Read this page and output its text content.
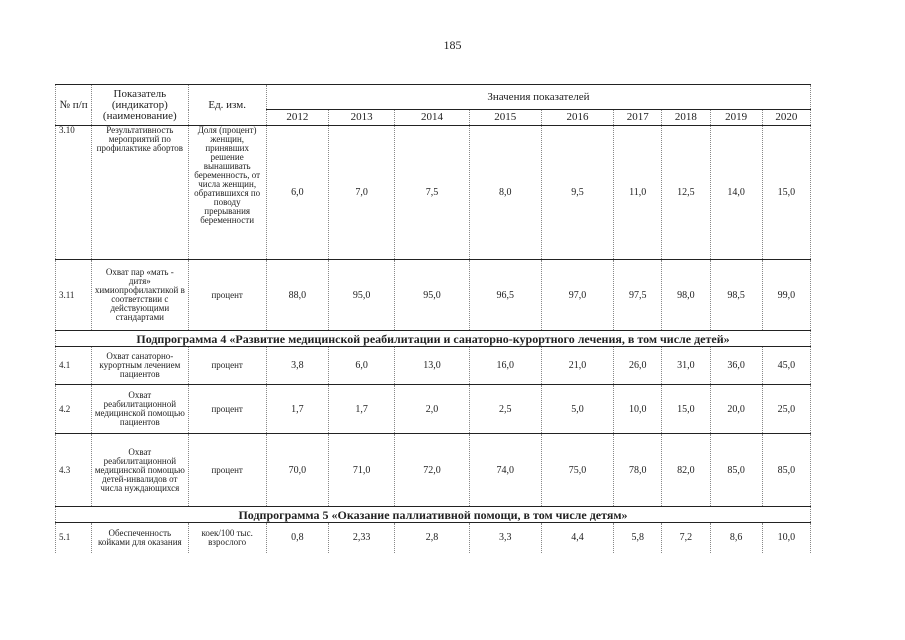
185
№ п/п	Показатель (индикатор) (наименование)	Ед. изм.	Значения показателей								
			2012	2013	2014	2015	2016	2017	2018	2019	2020
3.10	Результативность мероприятий по профилактике абортов	Доля (процент) женщин, принявших решение вынашивать беременность, от числа женщин, обратившихся по поводу прерывания беременности	6,0	7,0	7,5	8,0	9,5	11,0	12,5	14,0	15,0
3.11	Охват пар «мать - дитя» химиопрофилактикой в соответствии с действующими стандартами	процент	88,0	95,0	95,0	96,5	97,0	97,5	98,0	98,5	99,0
Подпрограмма 4 «Развитие медицинской реабилитации и санаторно-курортного лечения, в том числе детей»											
4.1	Охват санаторно-курортным лечением пациентов	процент	3,8	6,0	13,0	16,0	21,0	26,0	31,0	36,0	45,0
4.2	Охват реабилитационной медицинской помощью пациентов	процент	1,7	1,7	2,0	2,5	5,0	10,0	15,0	20,0	25,0
4.3	Охват реабилитационной медицинской помощью детей-инвалидов от числа нуждающихся	процент	70,0	71,0	72,0	74,0	75,0	78,0	82,0	85,0	85,0
Подпрограмма 5 «Оказание паллиативной помощи, в том числе детям»											
5.1	Обеспеченность койками для оказания	коек/100 тыс. взрослого	0,8	2,33	2,8	3,3	4,4	5,8	7,2	8,6	10,0
